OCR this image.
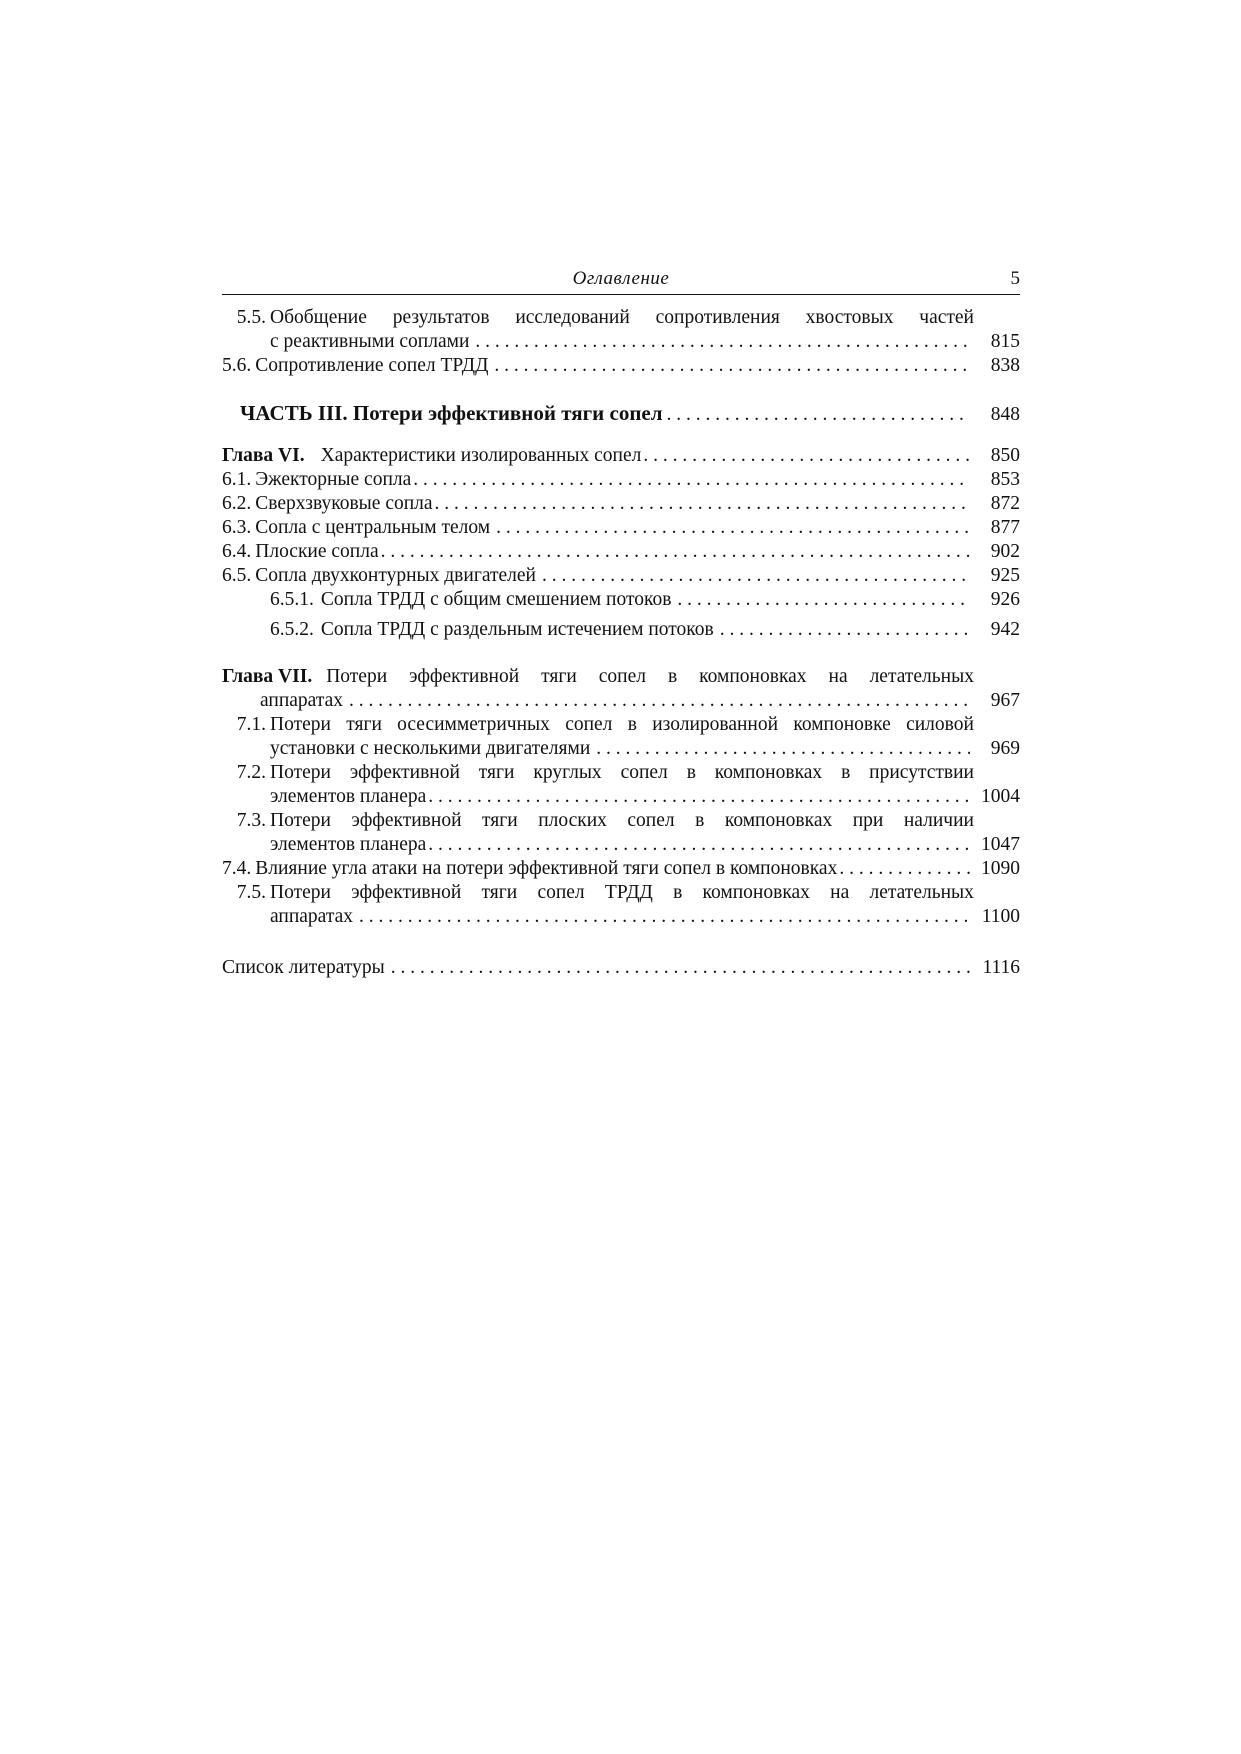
Оглавление	5
5.5. Обобщение результатов исследований сопротивления хвостовых частей
с реактивными соплами . . .	815
5.6. Сопротивление сопел ТРДД . . .	838
ЧАСТЬ III. Потери эффективной тяги сопел . . .	848
Глава VI. Характеристики изолированных сопел . . .	850
6.1. Эжекторные сопла . . .	853
6.2. Сверхзвуковые сопла . . .	872
6.3. Сопла с центральным телом . . .	877
6.4. Плоские сопла . . .	902
6.5. Сопла двухконтурных двигателей . . .	925
6.5.1. Сопла ТРДД с общим смешением потоков . . .	926
6.5.2. Сопла ТРДД с раздельным истечением потоков . . .	942
Глава VII. Потери эффективной тяги сопел в компоновках на летательных
аппаратах . . .	967
7.1. Потери тяги осесимметричных сопел в изолированной компоновке силовой
установки с несколькими двигателями . . .	969
7.2. Потери эффективной тяги круглых сопел в компоновках в присутствии
элементов планера . . .	1004
7.3. Потери эффективной тяги плоских сопел в компоновках при наличии
элементов планера . . .	1047
7.4. Влияние угла атаки на потери эффективной тяги сопел в компоновках . . .	1090
7.5. Потери эффективной тяги сопел ТРДД в компоновках на летательных
аппаратах . . .	1100
Список литературы . . .	1116
